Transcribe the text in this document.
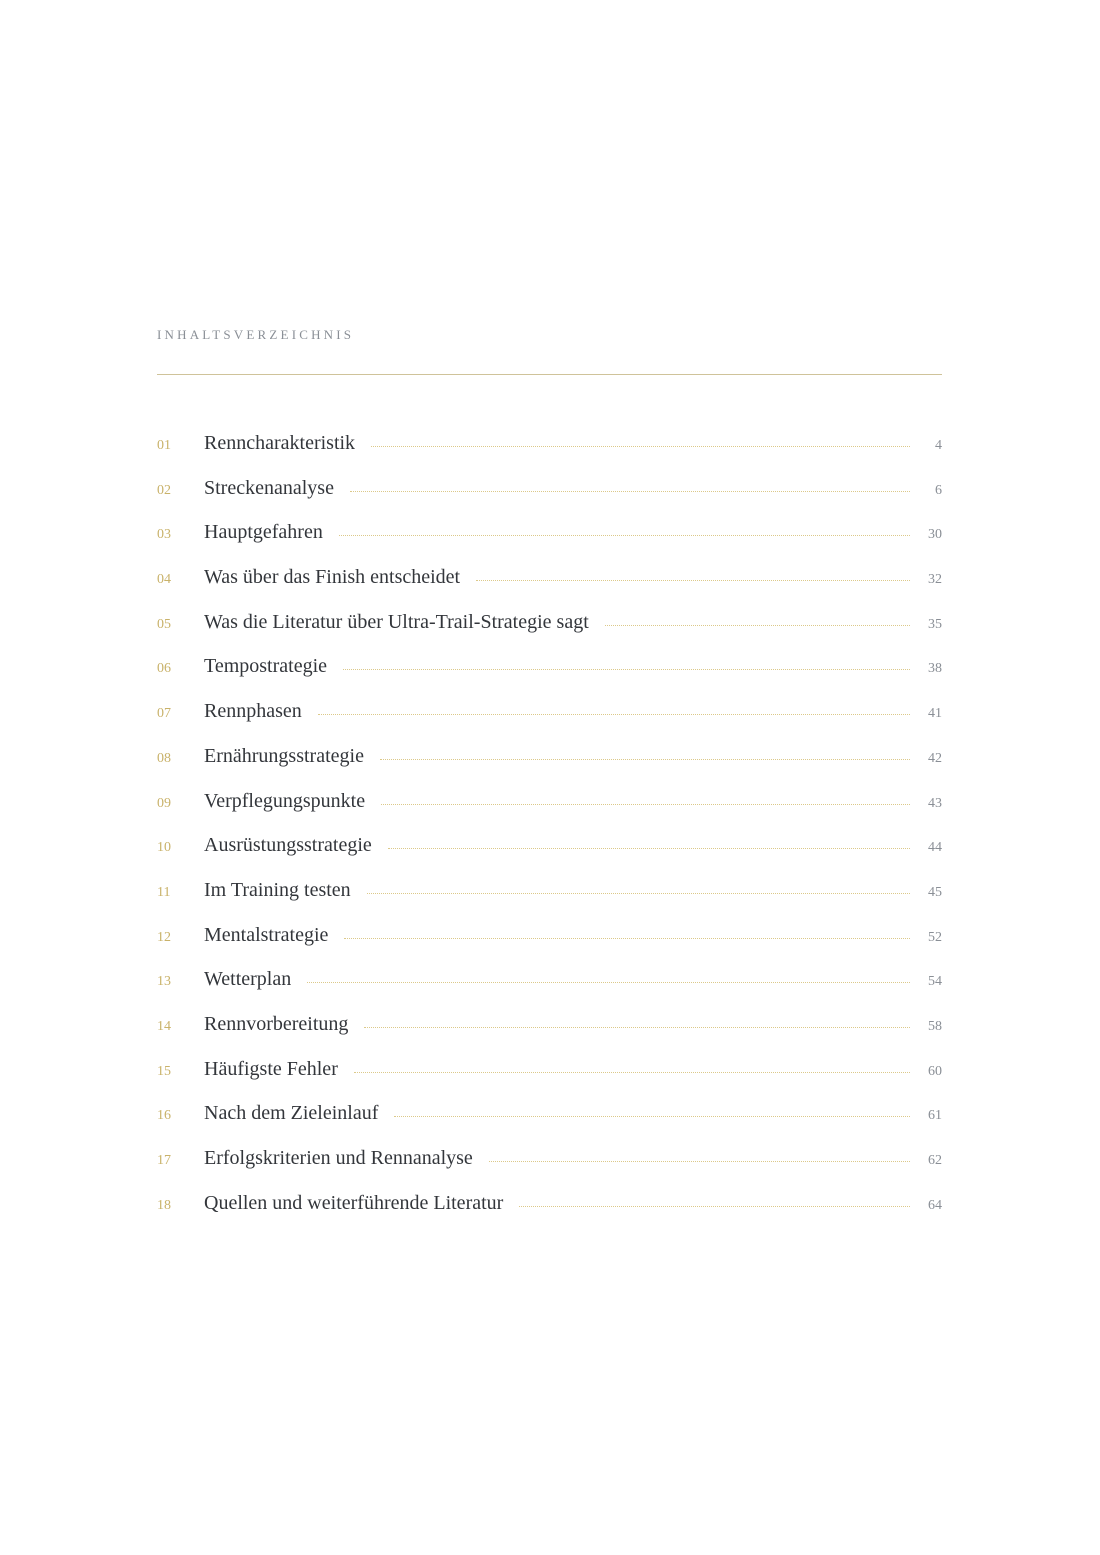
INHALTSVERZEICHNIS
01	Renncharakteristik	4
02	Streckenanalyse	6
03	Hauptgefahren	30
04	Was über das Finish entscheidet	32
05	Was die Literatur über Ultra-Trail-Strategie sagt	35
06	Tempostrategie	38
07	Rennphasen	41
08	Ernährungsstrategie	42
09	Verpflegungspunkte	43
10	Ausrüstungsstrategie	44
11	Im Training testen	45
12	Mentalstrategie	52
13	Wetterplan	54
14	Rennvorbereitung	58
15	Häufigste Fehler	60
16	Nach dem Zieleinlauf	61
17	Erfolgskriterien und Rennanalyse	62
18	Quellen und weiterführende Literatur	64
